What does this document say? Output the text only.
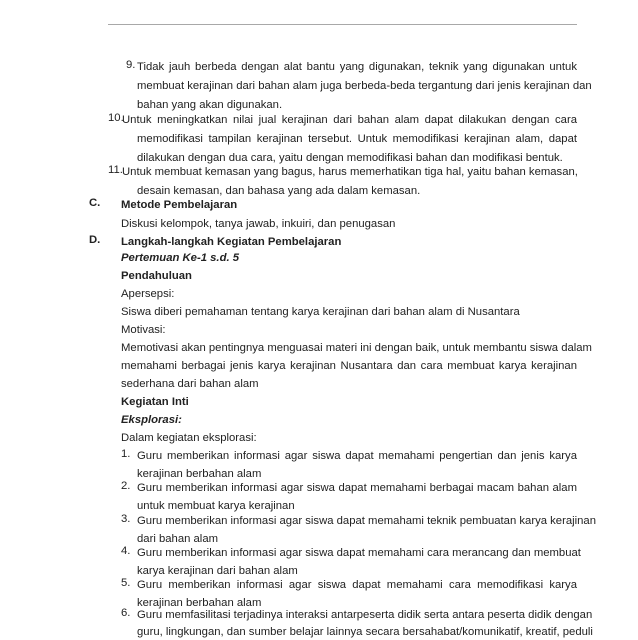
9. Tidak jauh berbeda dengan alat bantu yang digunakan, teknik yang digunakan untuk
membuat kerajinan dari bahan alam juga berbeda-beda tergantung dari jenis kerajinan dan
bahan yang akan digunakan.
10.
Untuk meningkatkan nilai jual kerajinan dari bahan alam dapat dilakukan dengan cara
memodifikasi tampilan kerajinan tersebut. Untuk memodifikasi kerajinan alam, dapat
dilakukan dengan dua cara, yaitu dengan memodifikasi bahan dan modifikasi bentuk.
11. Untuk membuat kemasan yang bagus, harus memerhatikan tiga hal, yaitu bahan kemasan,
desain kemasan, dan bahasa yang ada dalam kemasan.
C. Metode Pembelajaran
Diskusi kelompok, tanya jawab, inkuiri, dan penugasan
D. Langkah-langkah Kegiatan Pembelajaran
Pertemuan Ke-1 s.d. 5
Pendahuluan
Apersepsi:
Siswa diberi pemahaman tentang karya kerajinan dari bahan alam di Nusantara
Motivasi:
Memotivasi akan pentingnya menguasai materi ini dengan baik, untuk membantu siswa dalam
memahami berbagai jenis karya kerajinan Nusantara dan cara membuat karya kerajinan
sederhana dari bahan alam
Kegiatan Inti
Eksplorasi:
Dalam kegiatan eksplorasi:
1. Guru memberikan informasi agar siswa dapat memahami pengertian dan jenis karya
kerajinan berbahan alam
2. Guru memberikan informasi agar siswa dapat memahami berbagai macam bahan alam
untuk membuat karya kerajinan
3. Guru memberikan informasi agar siswa dapat memahami teknik pembuatan karya kerajinan
dari bahan alam
4. Guru memberikan informasi agar siswa dapat memahami cara merancang dan membuat
karya kerajinan dari bahan alam
5. Guru memberikan informasi agar siswa dapat memahami cara memodifikasi karya
kerajinan berbahan alam
6. Guru memfasilitasi terjadinya interaksi antarpeserta didik serta antara peserta didik dengan
guru, lingkungan, dan sumber belajar lainnya secara bersahabat/komunikatif, kreatif, peduli
